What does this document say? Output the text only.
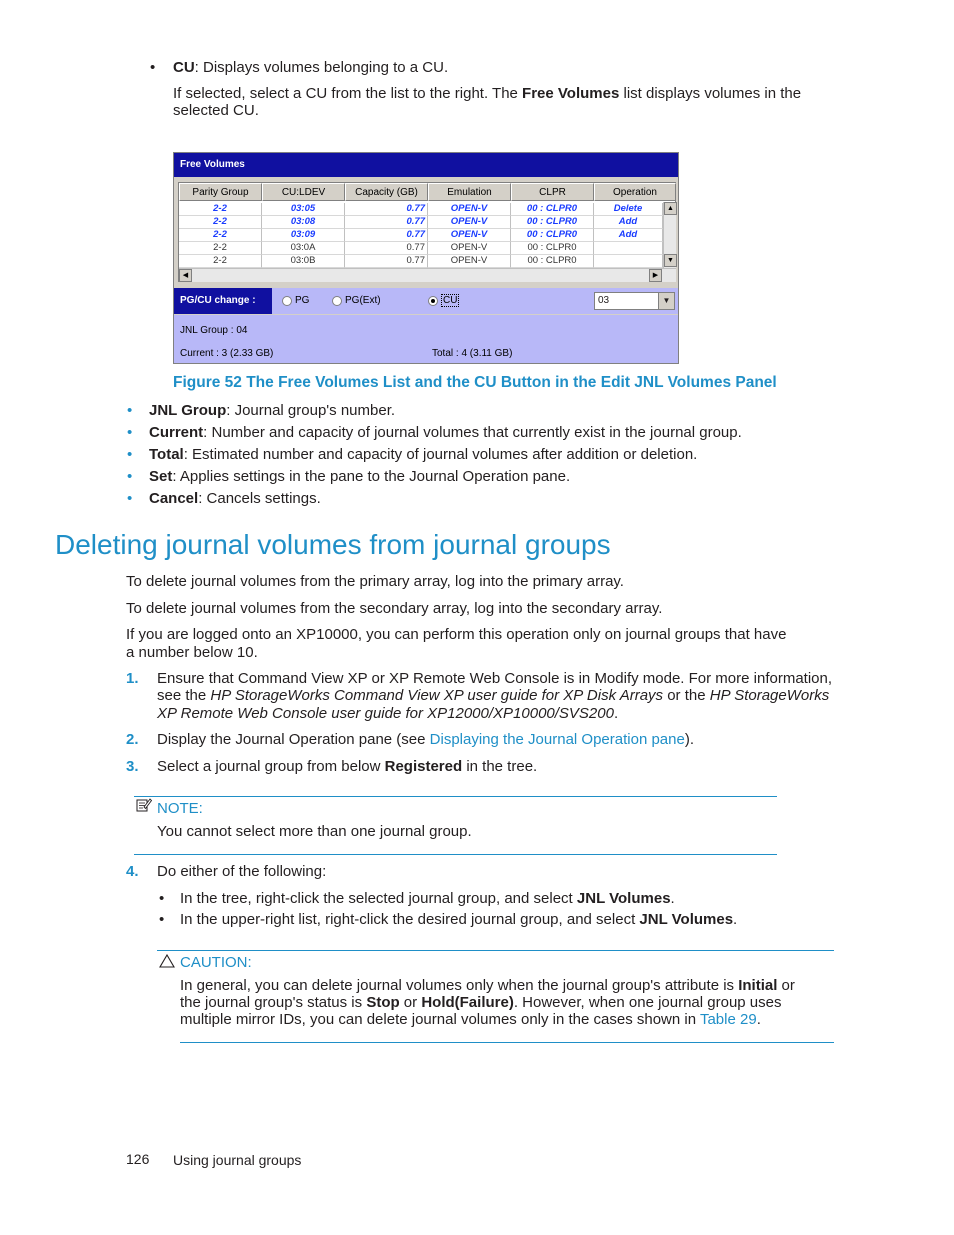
• CU: Displays volumes belonging to a CU.
If selected, select a CU from the list to the right. The Free Volumes list displays volumes in the
selected CU.
Free Volumes
Parity Group	CU:LDEV	Capacity (GB)	Emulation	CLPR	Operation
2-2	03:05	0.77	OPEN-V	00 : CLPR0	Delete
2-2	03:08	0.77	OPEN-V	00 : CLPR0	Add
2-2	03:09	0.77	OPEN-V	00 : CLPR0	Add
2-2	03:0A	0.77	OPEN-V	00 : CLPR0
2-2	03:0B	0.77	OPEN-V	00 : CLPR0
▲
▼
◀	▶
PG/CU change :	PG	PG(Ext)	CU	03	▼
JNL Group : 04
Current : 3 (2.33 GB)	Total : 4 (3.11 GB)
Figure 52 The Free Volumes List and the CU Button in the Edit JNL Volumes Panel
• JNL Group: Journal group's number.
• Current: Number and capacity of journal volumes that currently exist in the journal group.
• Total: Estimated number and capacity of journal volumes after addition or deletion.
• Set: Applies settings in the pane to the Journal Operation pane.
• Cancel: Cancels settings.
Deleting journal volumes from journal groups
To delete journal volumes from the primary array, log into the primary array.
To delete journal volumes from the secondary array, log into the secondary array.
If you are logged onto an XP10000, you can perform this operation only on journal groups that have
a number below 10.
1. Ensure that Command View XP or XP Remote Web Console is in Modify mode. For more information,
see the HP StorageWorks Command View XP user guide for XP Disk Arrays or the HP StorageWorks
XP Remote Web Console user guide for XP12000/XP10000/SVS200.
2. Display the Journal Operation pane (see Displaying the Journal Operation pane).
3. Select a journal group from below Registered in the tree.
NOTE:
You cannot select more than one journal group.
4. Do either of the following:
• In the tree, right-click the selected journal group, and select JNL Volumes.
• In the upper-right list, right-click the desired journal group, and select JNL Volumes.
CAUTION:
In general, you can delete journal volumes only when the journal group's attribute is Initial or
the journal group's status is Stop or Hold(Failure). However, when one journal group uses
multiple mirror IDs, you can delete journal volumes only in the cases shown in Table 29.
126 Using journal groups
